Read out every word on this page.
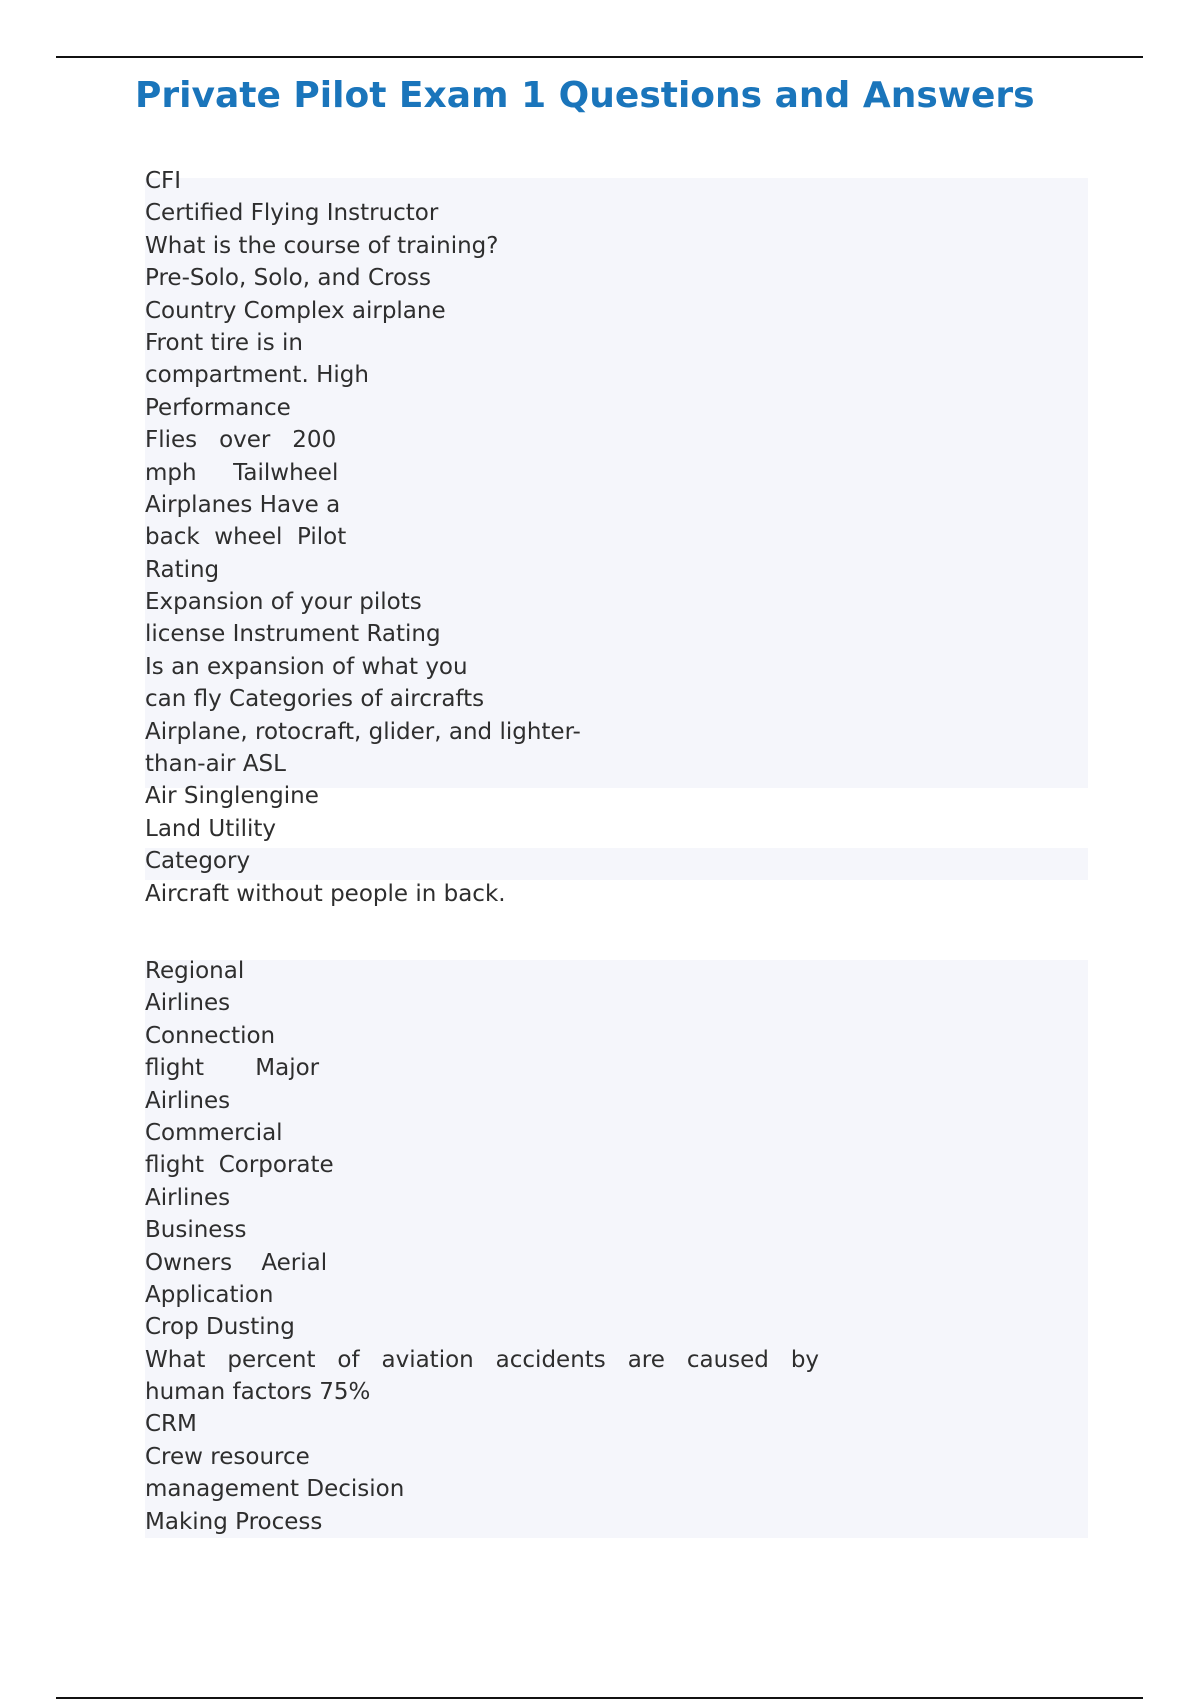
Private Pilot Exam 1 Questions and Answers
CFI
Certified Flying Instructor
What is the course of training?
Pre-Solo, Solo, and Cross
Country Complex airplane
Front tire is in
compartment. High
Performance
Flies   over   200
mph     Tailwheel
Airplanes Have a
back  wheel  Pilot
Rating
Expansion of your pilots
license Instrument Rating
Is an expansion of what you
can fly Categories of aircrafts
Airplane, rotocraft, glider, and lighter-
than-air ASL
Air Singlengine
Land Utility
Category
Aircraft without people in back.
Regional
Airlines
Connection
flight       Major
Airlines
Commercial
flight  Corporate
Airlines
Business
Owners    Aerial
Application
Crop Dusting
What   percent   of   aviation   accidents   are   caused   by
human factors 75%
CRM
Crew resource
management Decision
Making Process
